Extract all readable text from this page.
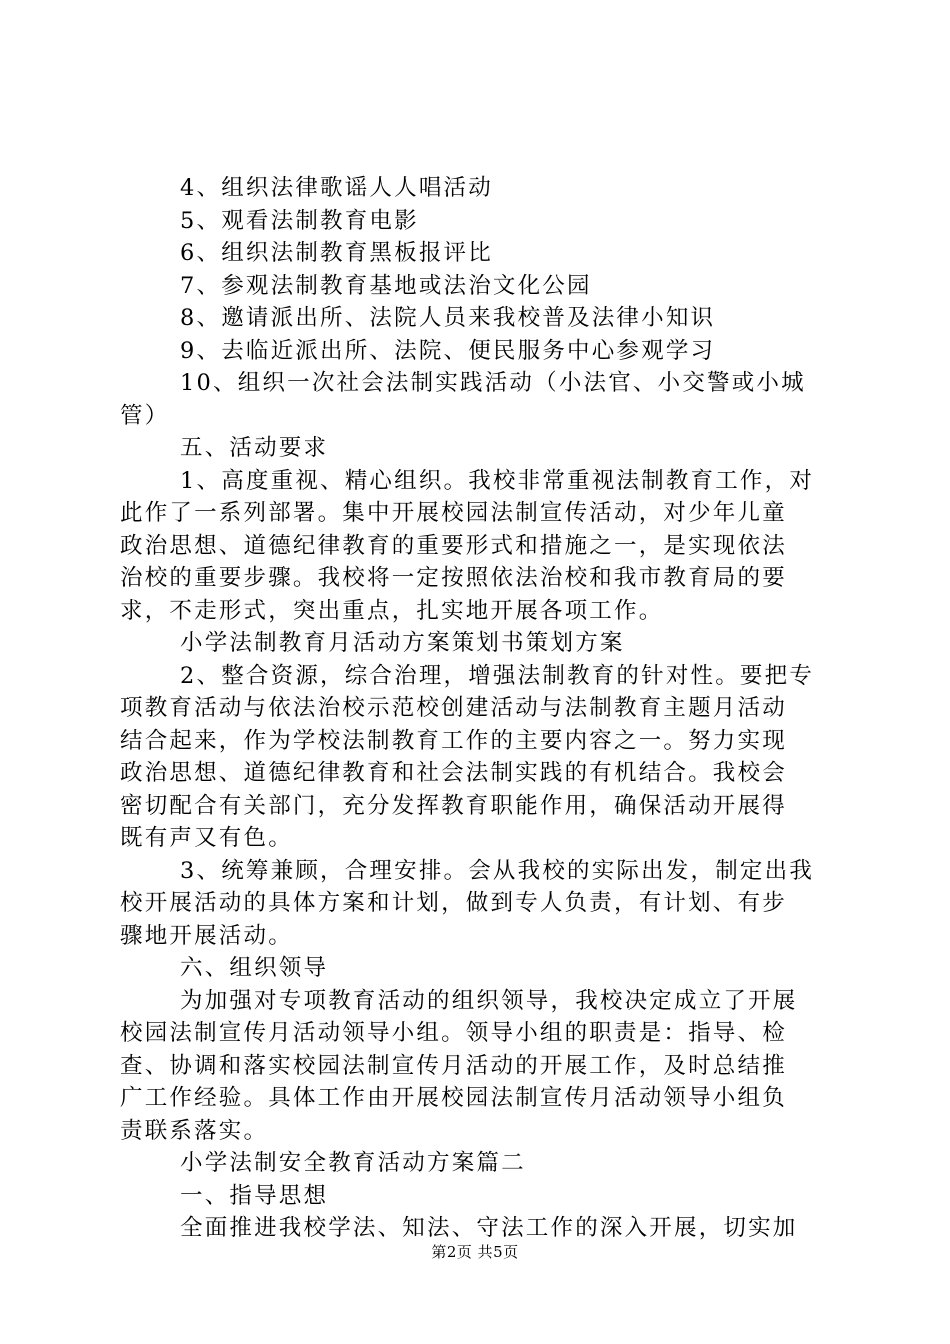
4、组织法律歌谣人人唱活动
5、观看法制教育电影
6、组织法制教育黑板报评比
7、参观法制教育基地或法治文化公园
8、邀请派出所、法院人员来我校普及法律小知识
9、去临近派出所、法院、便民服务中心参观学习
10、组织一次社会法制实践活动（小法官、小交警或小城
管）
五、活动要求
1、高度重视、精心组织。我校非常重视法制教育工作，对
此作了一系列部署。集中开展校园法制宣传活动，对少年儿童
政治思想、道德纪律教育的重要形式和措施之一，是实现依法
治校的重要步骤。我校将一定按照依法治校和我市教育局的要
求，不走形式，突出重点，扎实地开展各项工作。
小学法制教育月活动方案策划书策划方案
2、整合资源，综合治理，增强法制教育的针对性。要把专
项教育活动与依法治校示范校创建活动与法制教育主题月活动
结合起来，作为学校法制教育工作的主要内容之一。努力实现
政治思想、道德纪律教育和社会法制实践的有机结合。我校会
密切配合有关部门，充分发挥教育职能作用，确保活动开展得
既有声又有色。
3、统筹兼顾，合理安排。会从我校的实际出发，制定出我
校开展活动的具体方案和计划，做到专人负责，有计划、有步
骤地开展活动。
六、组织领导
为加强对专项教育活动的组织领导，我校决定成立了开展
校园法制宣传月活动领导小组。领导小组的职责是：指导、检
查、协调和落实校园法制宣传月活动的开展工作，及时总结推
广工作经验。具体工作由开展校园法制宣传月活动领导小组负
责联系落实。
小学法制安全教育活动方案篇二
一、指导思想
全面推进我校学法、知法、守法工作的深入开展，切实加
第2页 共5页
